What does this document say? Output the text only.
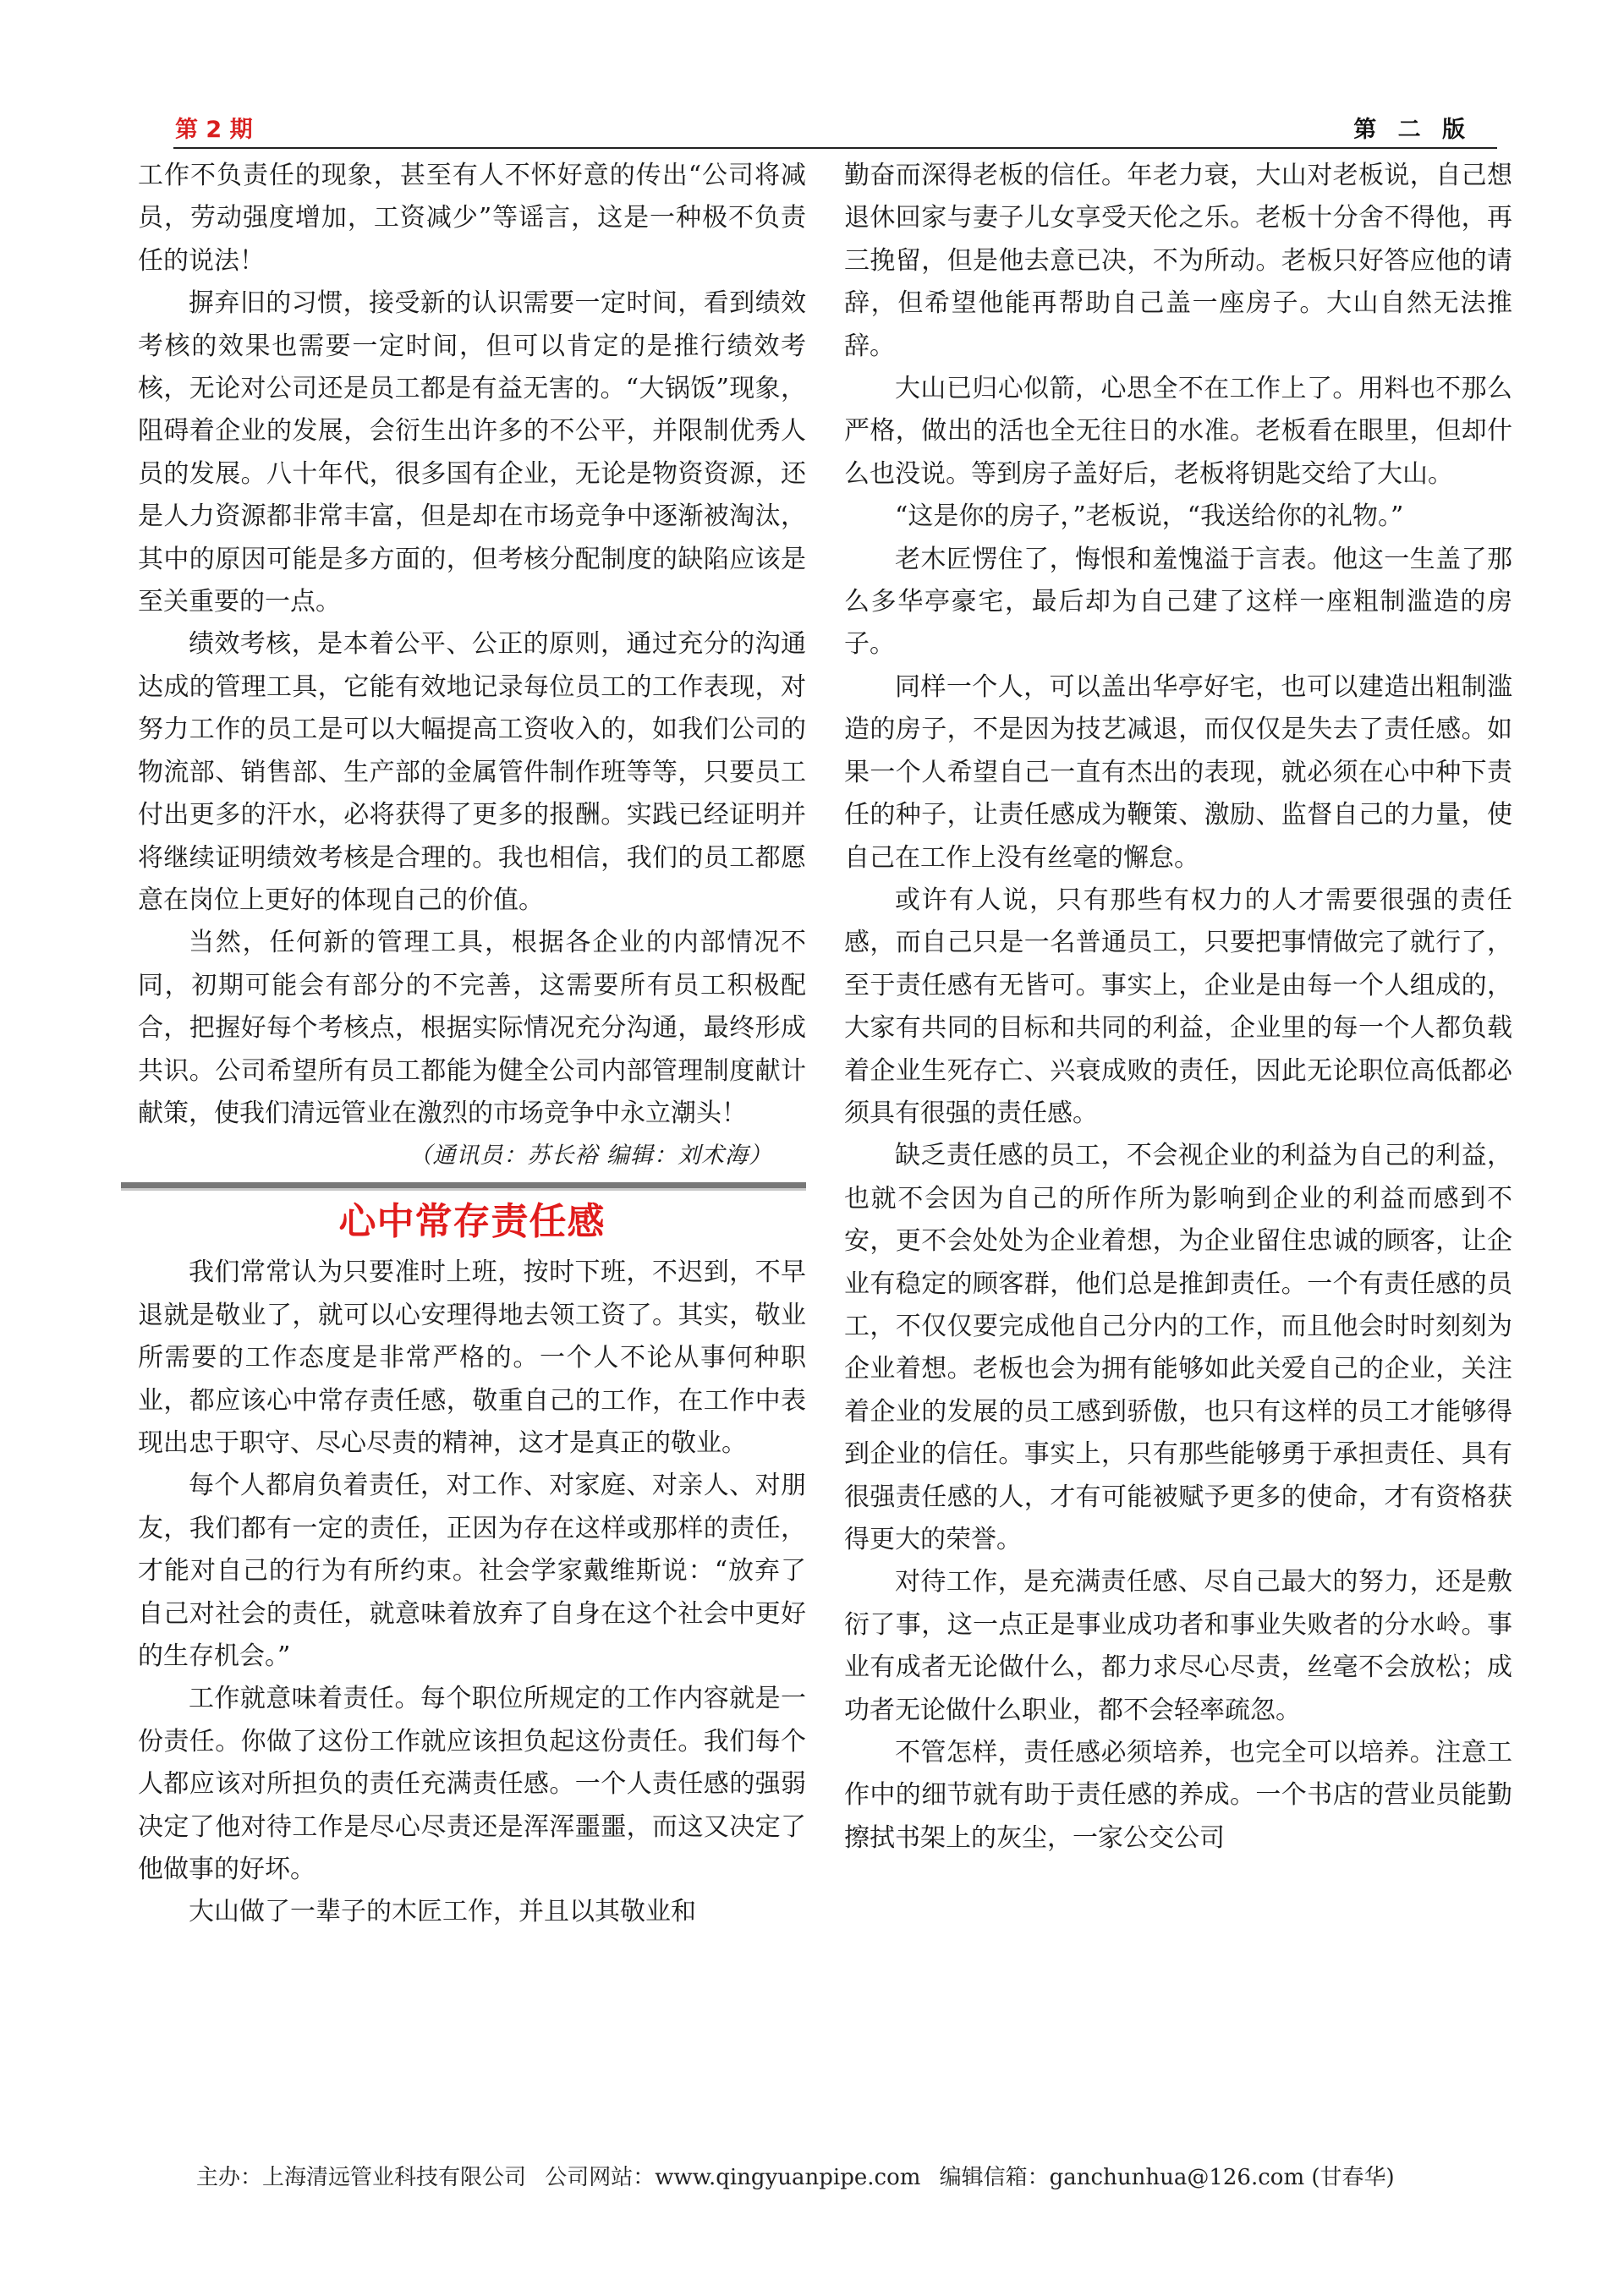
第 2 期	第 二 版

工作不负责任的现象，甚至有人不怀好意的传出“公司将减员，劳动强度增加，工资减少”等谣言，这是一种极不负责任的说法！

摒弃旧的习惯，接受新的认识需要一定时间，看到绩效考核的效果也需要一定时间，但可以肯定的是推行绩效考核，无论对公司还是员工都是有益无害的。“大锅饭”现象，阻碍着企业的发展，会衍生出许多的不公平，并限制优秀人员的发展。八十年代，很多国有企业，无论是物资资源，还是人力资源都非常丰富，但是却在市场竞争中逐渐被淘汰，其中的原因可能是多方面的，但考核分配制度的缺陷应该是至关重要的一点。

绩效考核，是本着公平、公正的原则，通过充分的沟通达成的管理工具，它能有效地记录每位员工的工作表现，对努力工作的员工是可以大幅提高工资收入的，如我们公司的物流部、销售部、生产部的金属管件制作班等等，只要员工付出更多的汗水，必将获得了更多的报酬。实践已经证明并将继续证明绩效考核是合理的。我也相信，我们的员工都愿意在岗位上更好的体现自己的价值。

当然，任何新的管理工具，根据各企业的内部情况不同，初期可能会有部分的不完善，这需要所有员工积极配合，把握好每个考核点，根据实际情况充分沟通，最终形成共识。公司希望所有员工都能为健全公司内部管理制度献计献策，使我们清远管业在激烈的市场竞争中永立潮头！

（通讯员：苏长裕 编辑：刘术海）
心中常存责任感

我们常常认为只要准时上班，按时下班，不迟到，不早退就是敬业了，就可以心安理得地去领工资了。其实，敬业所需要的工作态度是非常严格的。一个人不论从事何种职业，都应该心中常存责任感，敬重自己的工作，在工作中表现出忠于职守、尽心尽责的精神，这才是真正的敬业。

每个人都肩负着责任，对工作、对家庭、对亲人、对朋友，我们都有一定的责任，正因为存在这样或那样的责任，才能对自己的行为有所约束。社会学家戴维斯说：“放弃了自己对社会的责任，就意味着放弃了自身在这个社会中更好的生存机会。”

工作就意味着责任。每个职位所规定的工作内容就是一份责任。你做了这份工作就应该担负起这份责任。我们每个人都应该对所担负的责任充满责任感。一个人责任感的强弱决定了他对待工作是尽心尽责还是浑浑噩噩，而这又决定了他做事的好坏。

大山做了一辈子的木匠工作，并且以其敬业和

勤奋而深得老板的信任。年老力衰，大山对老板说，自己想退休回家与妻子儿女享受天伦之乐。老板十分舍不得他，再三挽留，但是他去意已决，不为所动。老板只好答应他的请辞，但希望他能再帮助自己盖一座房子。大山自然无法推辞。

大山已归心似箭，心思全不在工作上了。用料也不那么严格，做出的活也全无往日的水准。老板看在眼里，但却什么也没说。等到房子盖好后，老板将钥匙交给了大山。

“这是你的房子，”老板说，“我送给你的礼物。”

老木匠愣住了，悔恨和羞愧溢于言表。他这一生盖了那么多华亭豪宅，最后却为自己建了这样一座粗制滥造的房子。

同样一个人，可以盖出华亭好宅，也可以建造出粗制滥造的房子，不是因为技艺减退，而仅仅是失去了责任感。如果一个人希望自己一直有杰出的表现，就必须在心中种下责任的种子，让责任感成为鞭策、激励、监督自己的力量，使自己在工作上没有丝毫的懈怠。

或许有人说，只有那些有权力的人才需要很强的责任感，而自己只是一名普通员工，只要把事情做完了就行了，至于责任感有无皆可。事实上，企业是由每一个人组成的，大家有共同的目标和共同的利益，企业里的每一个人都负载着企业生死存亡、兴衰成败的责任，因此无论职位高低都必须具有很强的责任感。

缺乏责任感的员工，不会视企业的利益为自己的利益，也就不会因为自己的所作所为影响到企业的利益而感到不安，更不会处处为企业着想，为企业留住忠诚的顾客，让企业有稳定的顾客群，他们总是推卸责任。一个有责任感的员工，不仅仅要完成他自己分内的工作，而且他会时时刻刻为企业着想。老板也会为拥有能够如此关爱自己的企业，关注着企业的发展的员工感到骄傲，也只有这样的员工才能够得到企业的信任。事实上，只有那些能够勇于承担责任、具有很强责任感的人，才有可能被赋予更多的使命，才有资格获得更大的荣誉。

对待工作，是充满责任感、尽自己最大的努力，还是敷衍了事，这一点正是事业成功者和事业失败者的分水岭。事业有成者无论做什么，都力求尽心尽责，丝毫不会放松；成功者无论做什么职业，都不会轻率疏忽。

不管怎样，责任感必须培养，也完全可以培养。注意工作中的细节就有助于责任感的养成。一个书店的营业员能勤擦拭书架上的灰尘，一家公交公司

主办：上海清远管业科技有限公司 公司网站：www.qingyuanpipe.com 编辑信箱：ganchunhua@126.com (甘春华)
